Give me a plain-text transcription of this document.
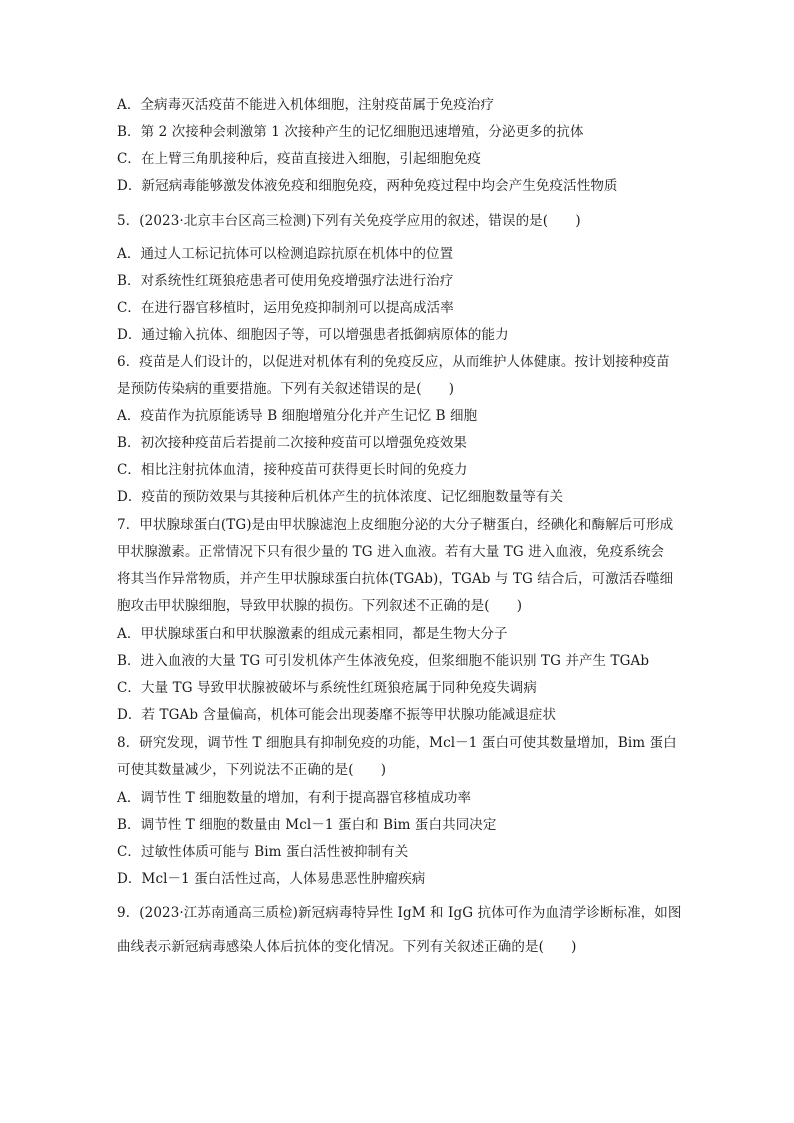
A．全病毒灭活疫苗不能进入机体细胞，注射疫苗属于免疫治疗
B．第 2 次接种会刺激第 1 次接种产生的记忆细胞迅速增殖，分泌更多的抗体
C．在上臂三角肌接种后，疫苗直接进入细胞，引起细胞免疫
D．新冠病毒能够激发体液免疫和细胞免疫，两种免疫过程中均会产生免疫活性物质
5．(2023·北京丰台区高三检测)下列有关免疫学应用的叙述，错误的是(　　)
A．通过人工标记抗体可以检测追踪抗原在机体中的位置
B．对系统性红斑狼疮患者可使用免疫增强疗法进行治疗
C．在进行器官移植时，运用免疫抑制剂可以提高成活率
D．通过输入抗体、细胞因子等，可以增强患者抵御病原体的能力
6．疫苗是人们设计的，以促进对机体有利的免疫反应，从而维护人体健康。按计划接种疫苗
是预防传染病的重要措施。下列有关叙述错误的是(　　)
A．疫苗作为抗原能诱导 B 细胞增殖分化并产生记忆 B 细胞
B．初次接种疫苗后若提前二次接种疫苗可以增强免疫效果
C．相比注射抗体血清，接种疫苗可获得更长时间的免疫力
D．疫苗的预防效果与其接种后机体产生的抗体浓度、记忆细胞数量等有关
7．甲状腺球蛋白(TG)是由甲状腺滤泡上皮细胞分泌的大分子糖蛋白，经碘化和酶解后可形成
甲状腺激素。正常情况下只有很少量的 TG 进入血液。若有大量 TG 进入血液，免疫系统会
将其当作异常物质，并产生甲状腺球蛋白抗体(TGAb)，TGAb 与 TG 结合后，可激活吞噬细
胞攻击甲状腺细胞，导致甲状腺的损伤。下列叙述不正确的是(　　)
A．甲状腺球蛋白和甲状腺激素的组成元素相同，都是生物大分子
B．进入血液的大量 TG 可引发机体产生体液免疫，但浆细胞不能识别 TG 并产生 TGAb
C．大量 TG 导致甲状腺被破坏与系统性红斑狼疮属于同种免疫失调病
D．若 TGAb 含量偏高，机体可能会出现萎靡不振等甲状腺功能减退症状
8．研究发现，调节性 T 细胞具有抑制免疫的功能，Mcl－1 蛋白可使其数量增加，Bim 蛋白
可使其数量减少，下列说法不正确的是(　　)
A．调节性 T 细胞数量的增加，有利于提高器官移植成功率
B．调节性 T 细胞的数量由 Mcl－1 蛋白和 Bim 蛋白共同决定
C．过敏性体质可能与 Bim 蛋白活性被抑制有关
D．Mcl－1 蛋白活性过高，人体易患恶性肿瘤疾病
9．(2023·江苏南通高三质检)新冠病毒特异性 IgM 和 IgG 抗体可作为血清学诊断标准，如图
曲线表示新冠病毒感染人体后抗体的变化情况。下列有关叙述正确的是(　　)
